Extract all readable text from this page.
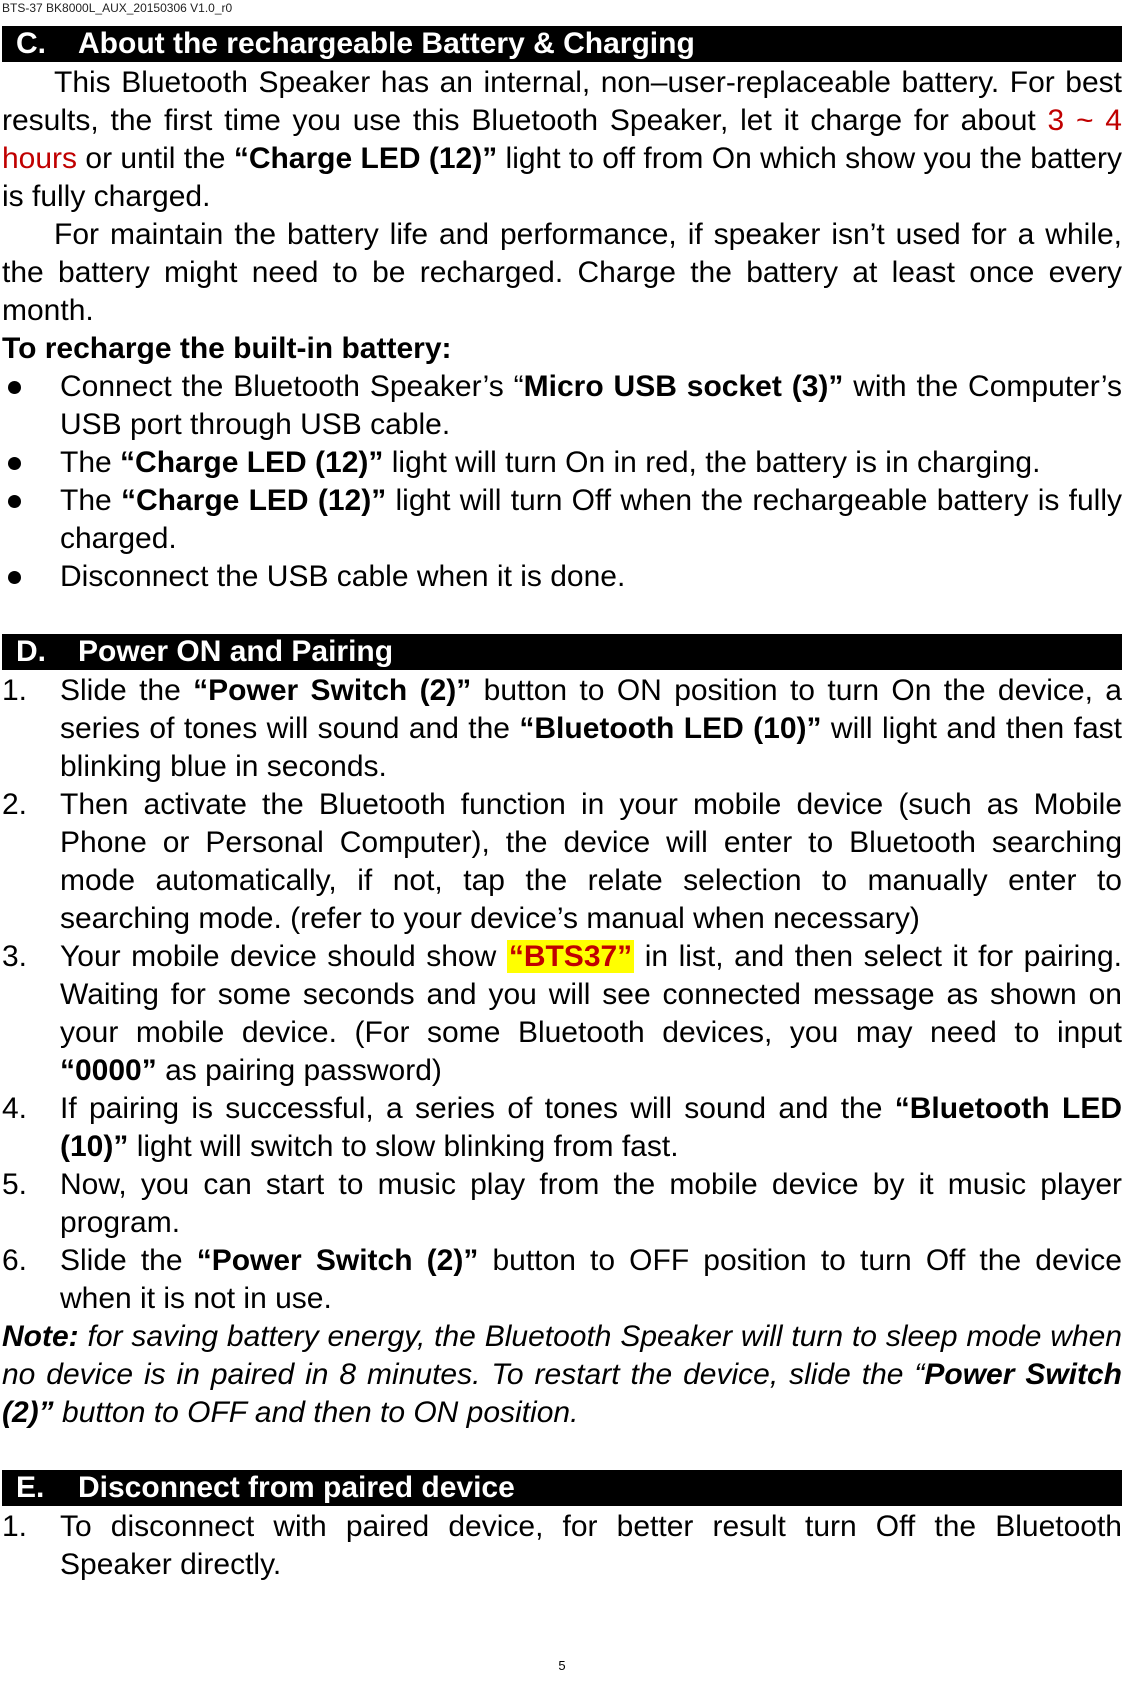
BTS-37 BK8000L_AUX_20150306 V1.0_r0
C. About the rechargeable Battery & Charging

This Bluetooth Speaker has an internal, non–user-replaceable battery. For best results, the first time you use this Bluetooth Speaker, let it charge for about 3 ~ 4 hours or until the “Charge LED (12)” light to off from On which show you the battery is fully charged.

For maintain the battery life and performance, if speaker isn’t used for a while, the battery might need to be recharged. Charge the battery at least once every month.

To recharge the built-in battery:

Connect the Bluetooth Speaker’s “Micro USB socket (3)” with the Computer’s USB port through USB cable.
The “Charge LED (12)” light will turn On in red, the battery is in charging.
The “Charge LED (12)” light will turn Off when the rechargeable battery is fully charged.
Disconnect the USB cable when it is done.
D. Power ON and Pairing
1. Slide the “Power Switch (2)” button to ON position to turn On the device, a series of tones will sound and the “Bluetooth LED (10)” will light and then fast blinking blue in seconds.
2. Then activate the Bluetooth function in your mobile device (such as Mobile Phone or Personal Computer), the device will enter to Bluetooth searching mode automatically, if not, tap the relate selection to manually enter to searching mode. (refer to your device’s manual when necessary)
3. Your mobile device should show “BTS37” in list, and then select it for pairing. Waiting for some seconds and you will see connected message as shown on your mobile device. (For some Bluetooth devices, you may need to input “0000” as pairing password)
4. If pairing is successful, a series of tones will sound and the “Bluetooth LED (10)” light will switch to slow blinking from fast.
5. Now, you can start to music play from the mobile device by it music player program.
6. Slide the “Power Switch (2)” button to OFF position to turn Off the device when it is not in use.

Note: for saving battery energy, the Bluetooth Speaker will turn to sleep mode when no device is in paired in 8 minutes. To restart the device, slide the “Power Switch (2)” button to OFF and then to ON position.

E. Disconnect from paired device
1. To disconnect with paired device, for better result turn Off the Bluetooth Speaker directly.
5
